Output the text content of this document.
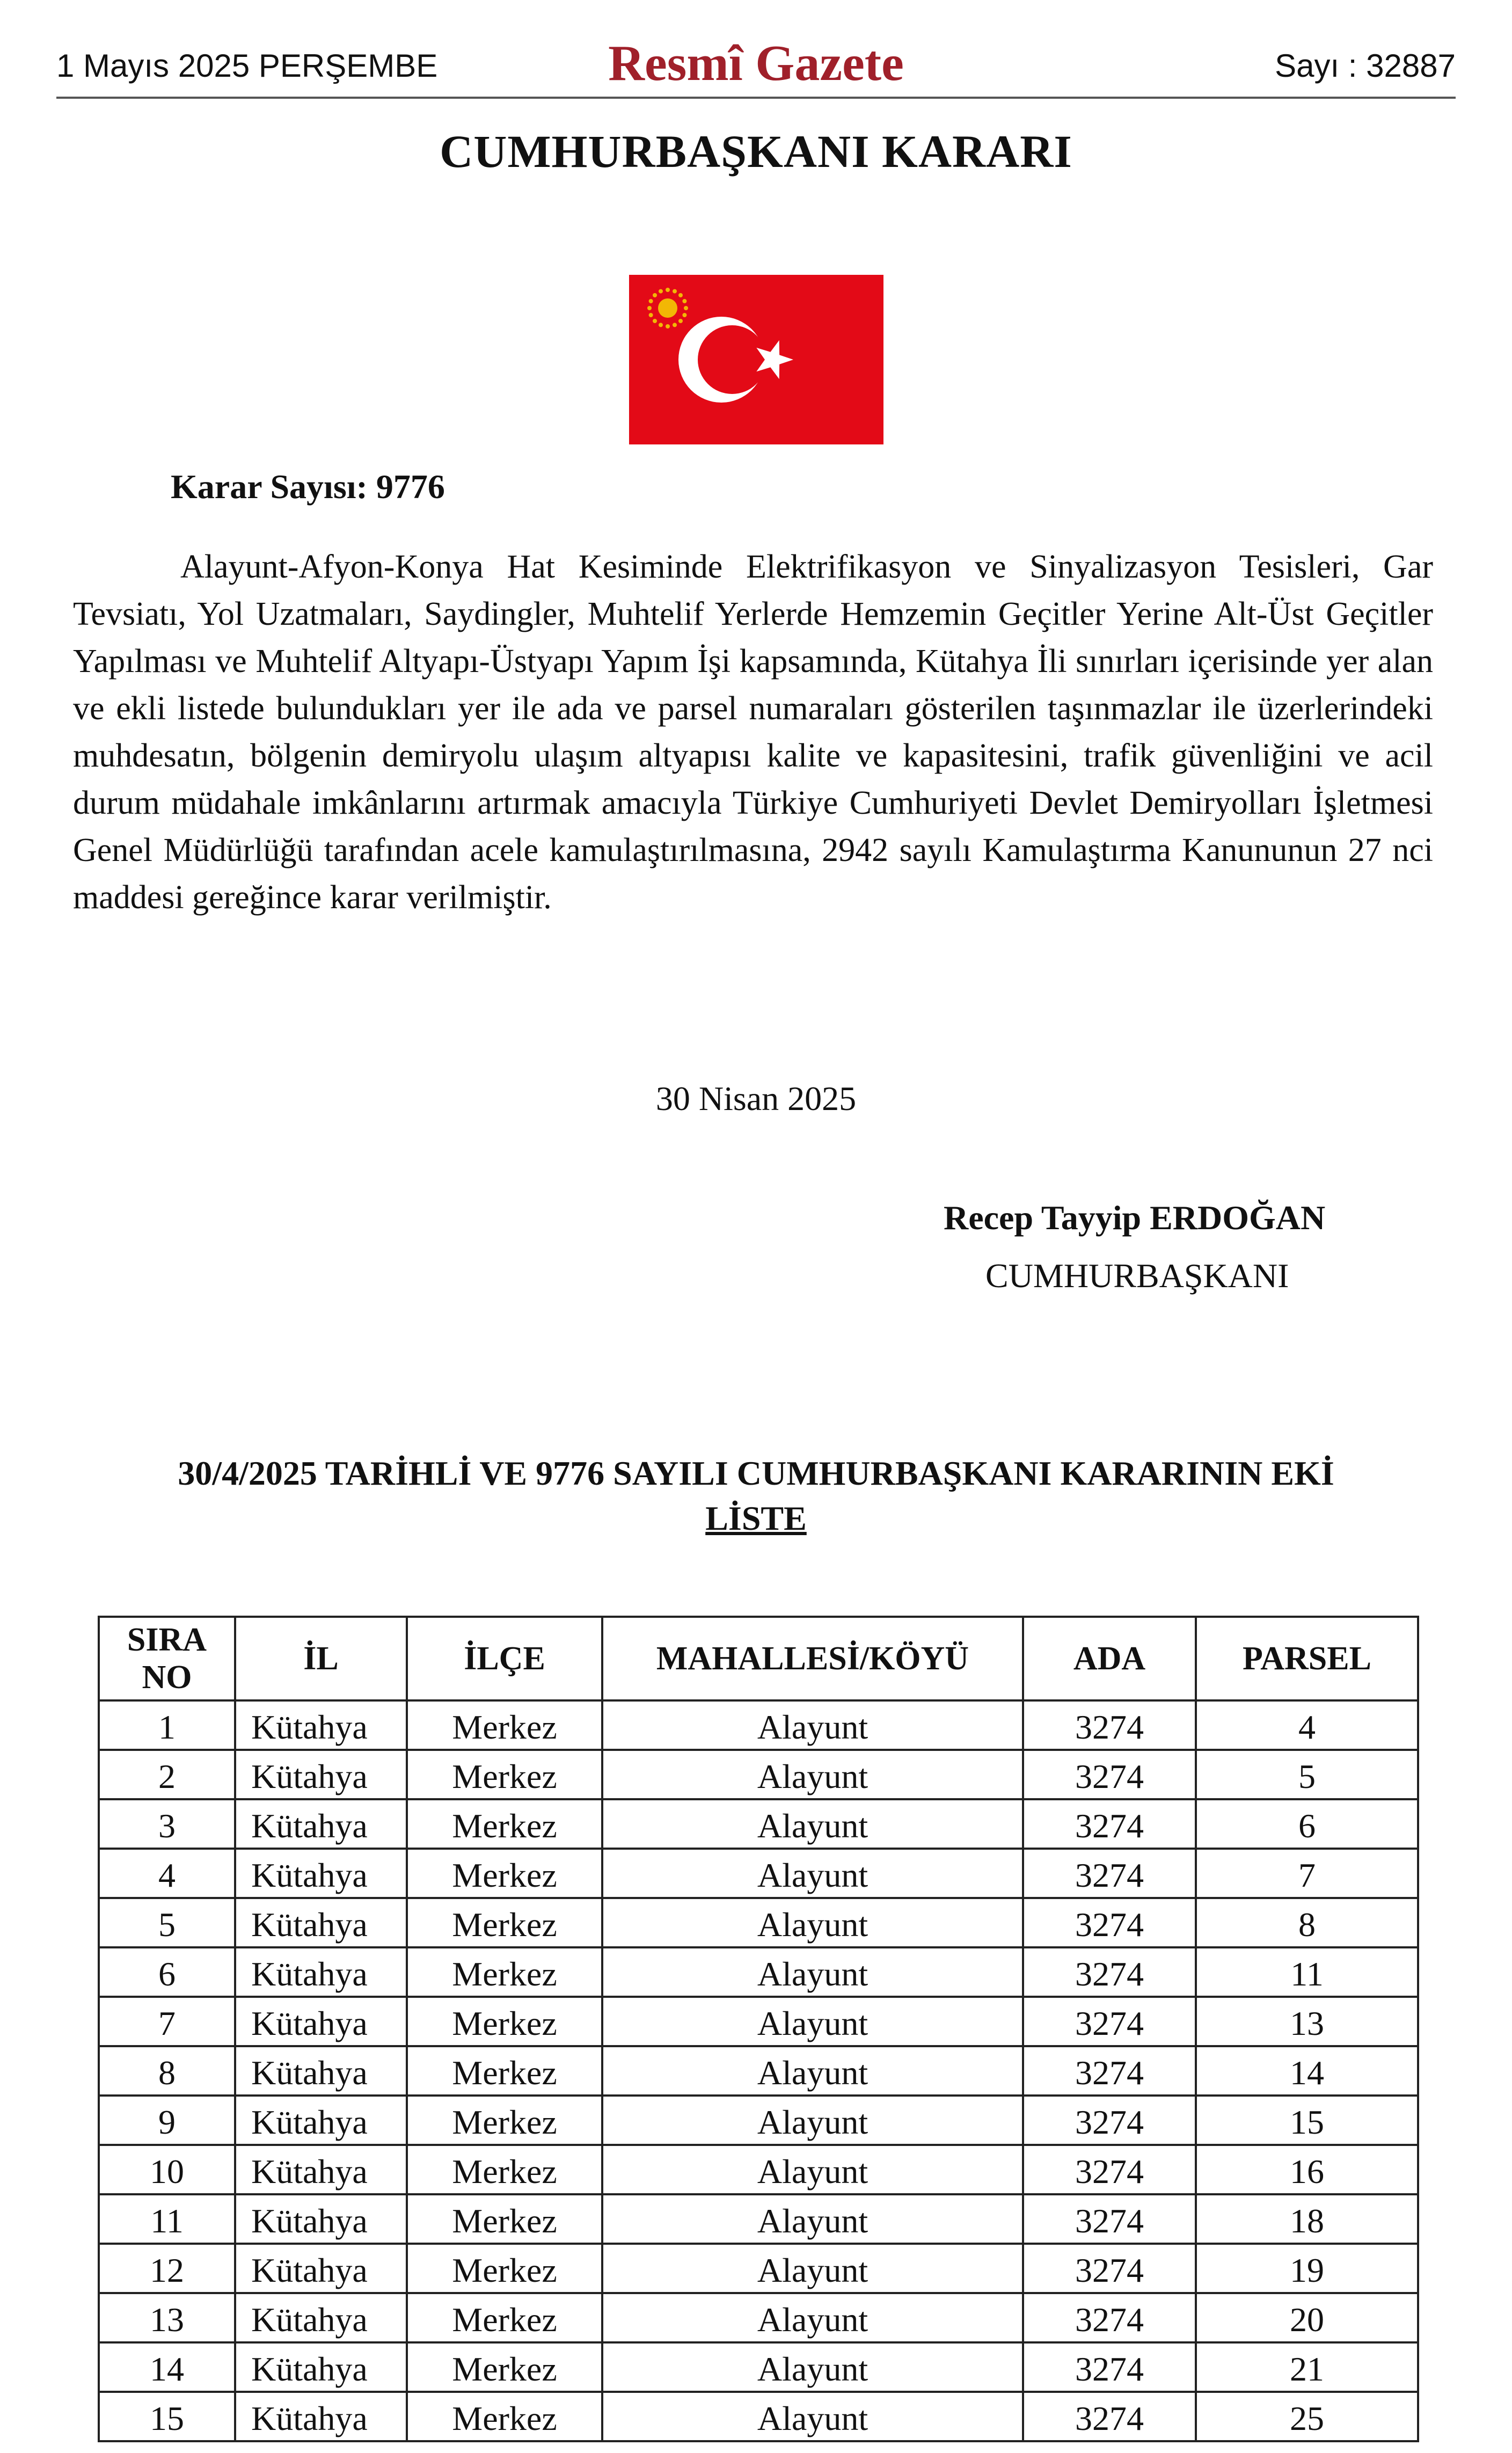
1 Mayıs 2025 PERŞEMBE	Resmî Gazete	Sayı : 32887
CUMHURBAŞKANI KARARI
Karar Sayısı: 9776

Alayunt-Afyon-Konya Hat Kesiminde Elektrifikasyon ve Sinyalizasyon Tesisleri, Gar Tevsiatı, Yol Uzatmaları, Saydingler, Muhtelif Yerlerde Hemzemin Geçitler Yerine Alt-Üst Geçitler Yapılması ve Muhtelif Altyapı-Üstyapı Yapım İşi kapsamında, Kütahya İli sınırları içerisinde yer alan ve ekli listede bulundukları yer ile ada ve parsel numaraları gösterilen taşınmazlar ile üzerlerindeki muhdesatın, bölgenin demiryolu ulaşım altyapısı kalite ve kapasitesini, trafik güvenliğini ve acil durum müdahale imkânlarını artırmak amacıyla Türkiye Cumhuriyeti Devlet Demiryolları İşletmesi Genel Müdürlüğü tarafından acele kamulaştırılmasına, 2942 sayılı Kamulaştırma Kanununun 27 nci maddesi gereğince karar verilmiştir.

30 Nisan 2025
Recep Tayyip ERDOĞAN
CUMHURBAŞKANI
30/4/2025 TARİHLİ VE 9776 SAYILI CUMHURBAŞKANI KARARININ EKİ
LİSTE
SIRA
NO	İL	İLÇE	MAHALLESİ/KÖYÜ	ADA	PARSEL
1	Kütahya	Merkez	Alayunt	3274	4
2	Kütahya	Merkez	Alayunt	3274	5
3	Kütahya	Merkez	Alayunt	3274	6
4	Kütahya	Merkez	Alayunt	3274	7
5	Kütahya	Merkez	Alayunt	3274	8
6	Kütahya	Merkez	Alayunt	3274	11
7	Kütahya	Merkez	Alayunt	3274	13
8	Kütahya	Merkez	Alayunt	3274	14
9	Kütahya	Merkez	Alayunt	3274	15
10	Kütahya	Merkez	Alayunt	3274	16
11	Kütahya	Merkez	Alayunt	3274	18
12	Kütahya	Merkez	Alayunt	3274	19
13	Kütahya	Merkez	Alayunt	3274	20
14	Kütahya	Merkez	Alayunt	3274	21
15	Kütahya	Merkez	Alayunt	3274	25
